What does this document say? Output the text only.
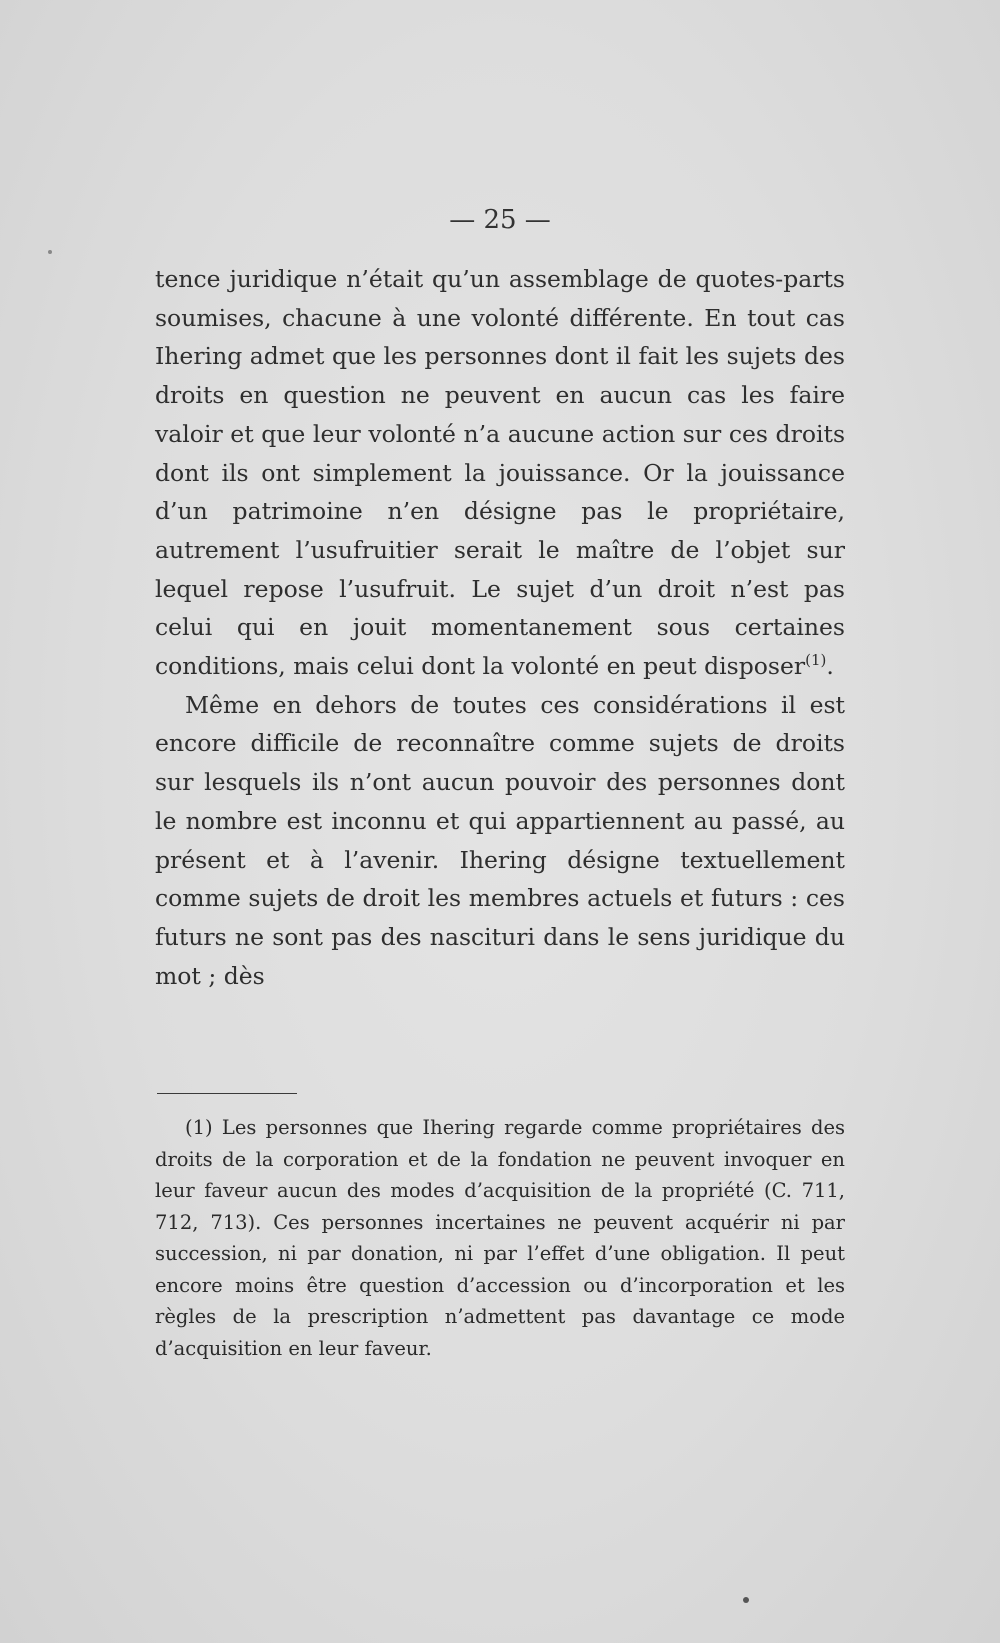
— 25 —

tence juridique n’était qu’un assemblage de quotes-parts soumises, chacune à une volonté différente. En tout cas Ihering admet que les personnes dont il fait les sujets des droits en question ne peuvent en aucun cas les faire valoir et que leur volonté n’a aucune action sur ces droits dont ils ont simplement la jouissance. Or la jouissance d’un patrimoine n’en désigne pas le propriétaire, autrement l’usufruitier serait le maître de l’objet sur lequel repose l’usufruit. Le sujet d’un droit n’est pas celui qui en jouit momentanement sous certaines conditions, mais celui dont la volonté en peut disposer$^{(1)}$.

Même en dehors de toutes ces considérations il est encore difficile de reconnaître comme sujets de droits sur lesquels ils n’ont aucun pouvoir des personnes dont le nombre est inconnu et qui appartiennent au passé, au présent et à l’avenir. Ihering désigne textuellement comme sujets de droit les membres actuels et futurs : ces futurs ne sont pas des nascituri dans le sens juridique du mot ; dès

(1) Les personnes que Ihering regarde comme propriétaires des droits de la corporation et de la fondation ne peuvent invoquer en leur faveur aucun des modes d’acquisition de la propriété (C. 711, 712, 713). Ces personnes incertaines ne peuvent acquérir ni par succession, ni par donation, ni par l’effet d’une obligation. Il peut encore moins être question d’accession ou d’incorporation et les règles de la prescription n’admettent pas davantage ce mode d’acquisition en leur faveur.
